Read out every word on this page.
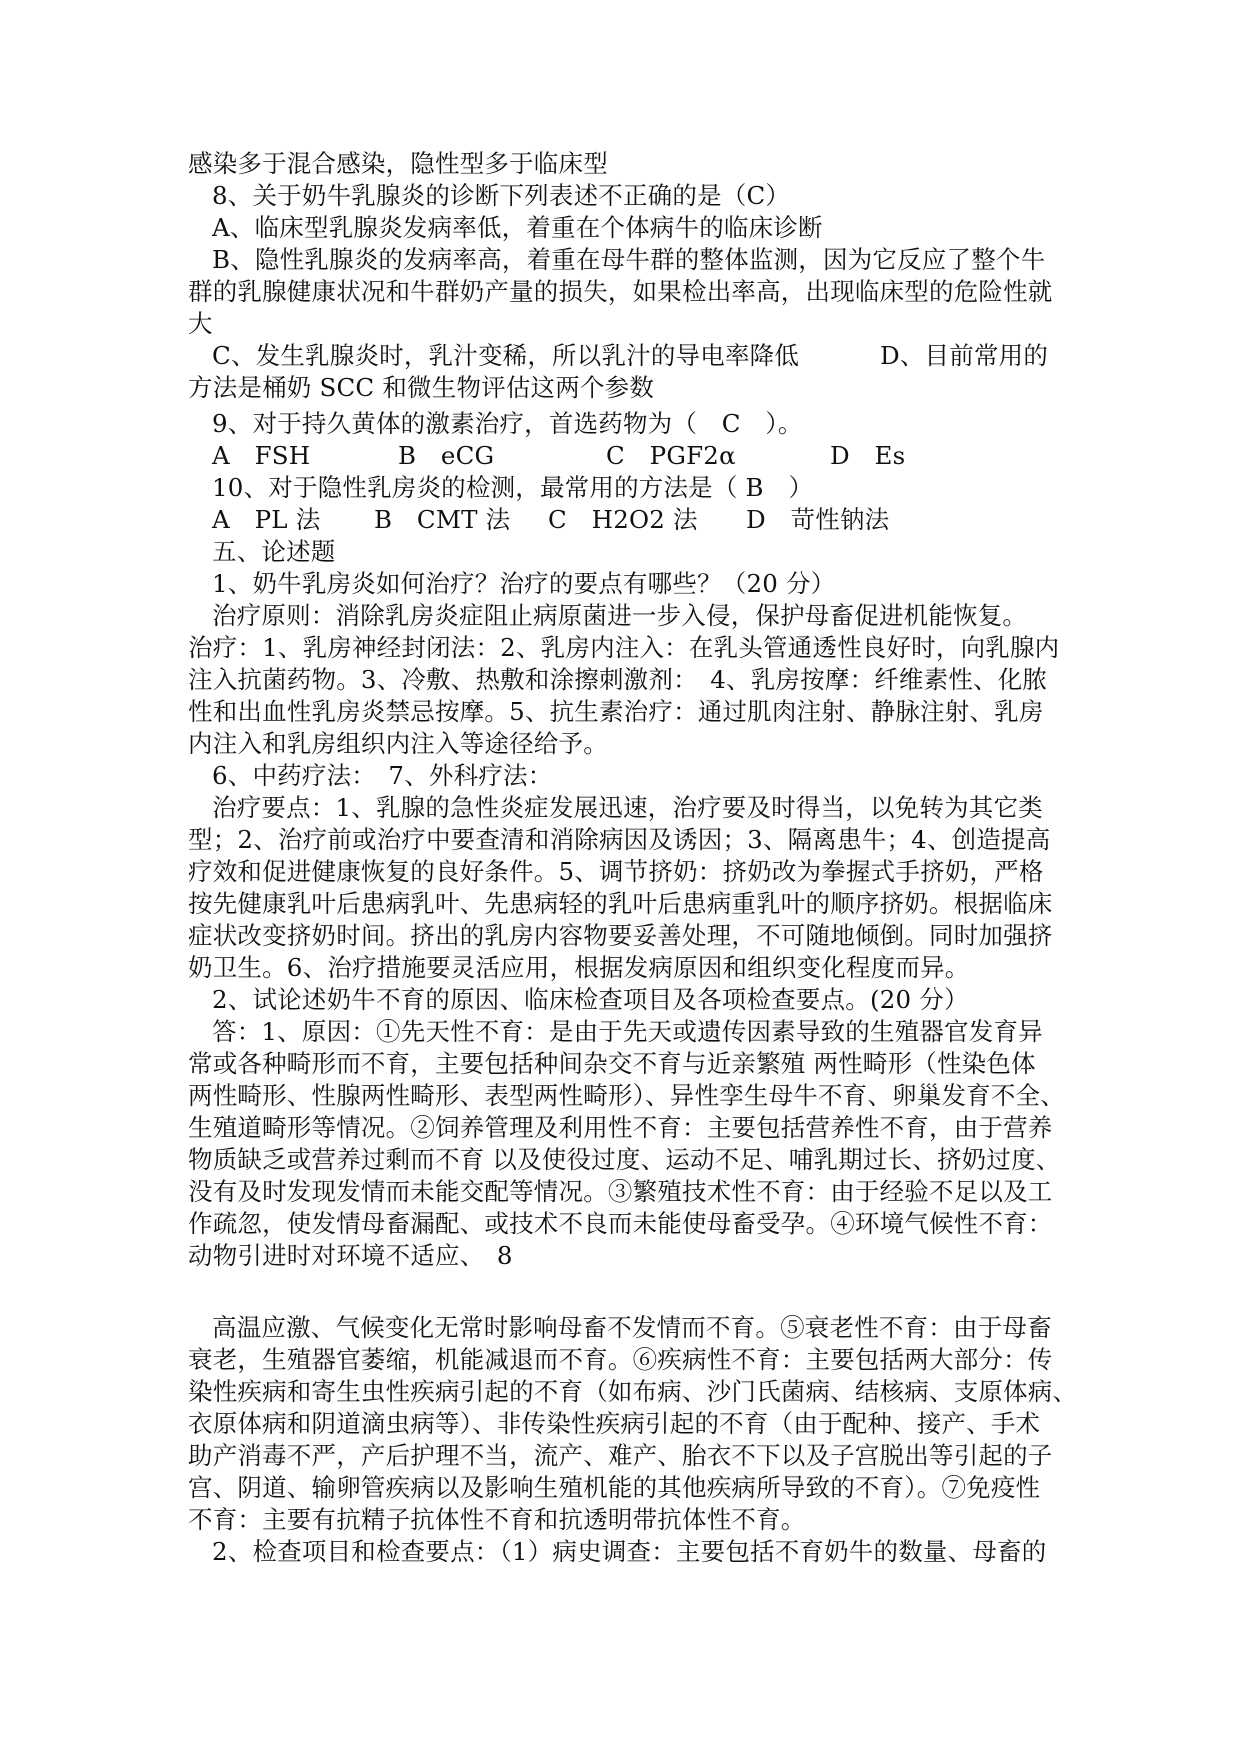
感染多于混合感染，隐性型多于临床型
8、关于奶牛乳腺炎的诊断下列表述不正确的是（C）
A、临床型乳腺炎发病率低，着重在个体病牛的临床诊断
B、隐性乳腺炎的发病率高，着重在母牛群的整体监测，因为它反应了整个牛
群的乳腺健康状况和牛群奶产量的损失，如果检出率高，出现临床型的危险性就
大
C、发生乳腺炎时，乳汁变稀，所以乳汁的导电率降低	D、目前常用的
方法是桶奶 SCC 和微生物评估这两个参数
9、对于持久黄体的激素治疗，首选药物为（　C　）。
A　FSH	B　eCG	C　PGF2α	D　Es
10、对于隐性乳房炎的检测，最常用的方法是（ B　）
A　PL 法 B　CMT 法 C　H2O2 法 D　苛性钠法
五、论述题
1、奶牛乳房炎如何治疗？治疗的要点有哪些？（20 分）
治疗原则：消除乳房炎症阻止病原菌进一步入侵，保护母畜促进机能恢复。
治疗：1、乳房神经封闭法：2、乳房内注入：在乳头管通透性良好时，向乳腺内
注入抗菌药物。3、冷敷、热敷和涂擦刺激剂：　4、乳房按摩：纤维素性、化脓
性和出血性乳房炎禁忌按摩。5、抗生素治疗：通过肌肉注射、静脉注射、乳房
内注入和乳房组织内注入等途径给予。
6、中药疗法：　7、外科疗法：
治疗要点：1、乳腺的急性炎症发展迅速，治疗要及时得当，以免转为其它类
型；2、治疗前或治疗中要查清和消除病因及诱因；3、隔离患牛；4、创造提高
疗效和促进健康恢复的良好条件。5、调节挤奶：挤奶改为拳握式手挤奶，严格
按先健康乳叶后患病乳叶、先患病轻的乳叶后患病重乳叶的顺序挤奶。根据临床
症状改变挤奶时间。挤出的乳房内容物要妥善处理，不可随地倾倒。同时加强挤
奶卫生。6、治疗措施要灵活应用，根据发病原因和组织变化程度而异。
2、试论述奶牛不育的原因、临床检查项目及各项检查要点。(20 分）
答：1、原因：①先天性不育：是由于先天或遗传因素导致的生殖器官发育异
常或各种畸形而不育，主要包括种间杂交不育与近亲繁殖 两性畸形（性染色体
两性畸形、性腺两性畸形、表型两性畸形）、异性孪生母牛不育、卵巢发育不全、
生殖道畸形等情况。②饲养管理及利用性不育：主要包括营养性不育，由于营养
物质缺乏或营养过剩而不育 以及使役过度、运动不足、哺乳期过长、挤奶过度、
没有及时发现发情而未能交配等情况。③繁殖技术性不育：由于经验不足以及工
作疏忽，使发情母畜漏配、或技术不良而未能使母畜受孕。④环境气候性不育：
动物引进时对环境不适应、　8
高温应激、气候变化无常时影响母畜不发情而不育。⑤衰老性不育：由于母畜
衰老，生殖器官萎缩，机能减退而不育。⑥疾病性不育：主要包括两大部分：传
染性疾病和寄生虫性疾病引起的不育（如布病、沙门氏菌病、结核病、支原体病、
衣原体病和阴道滴虫病等）、非传染性疾病引起的不育（由于配种、接产、手术
助产消毒不严，产后护理不当，流产、难产、胎衣不下以及子宫脱出等引起的子
宫、阴道、输卵管疾病以及影响生殖机能的其他疾病所导致的不育）。⑦免疫性
不育：主要有抗精子抗体性不育和抗透明带抗体性不育。
2、检查项目和检查要点：（1）病史调查：主要包括不育奶牛的数量、母畜的
